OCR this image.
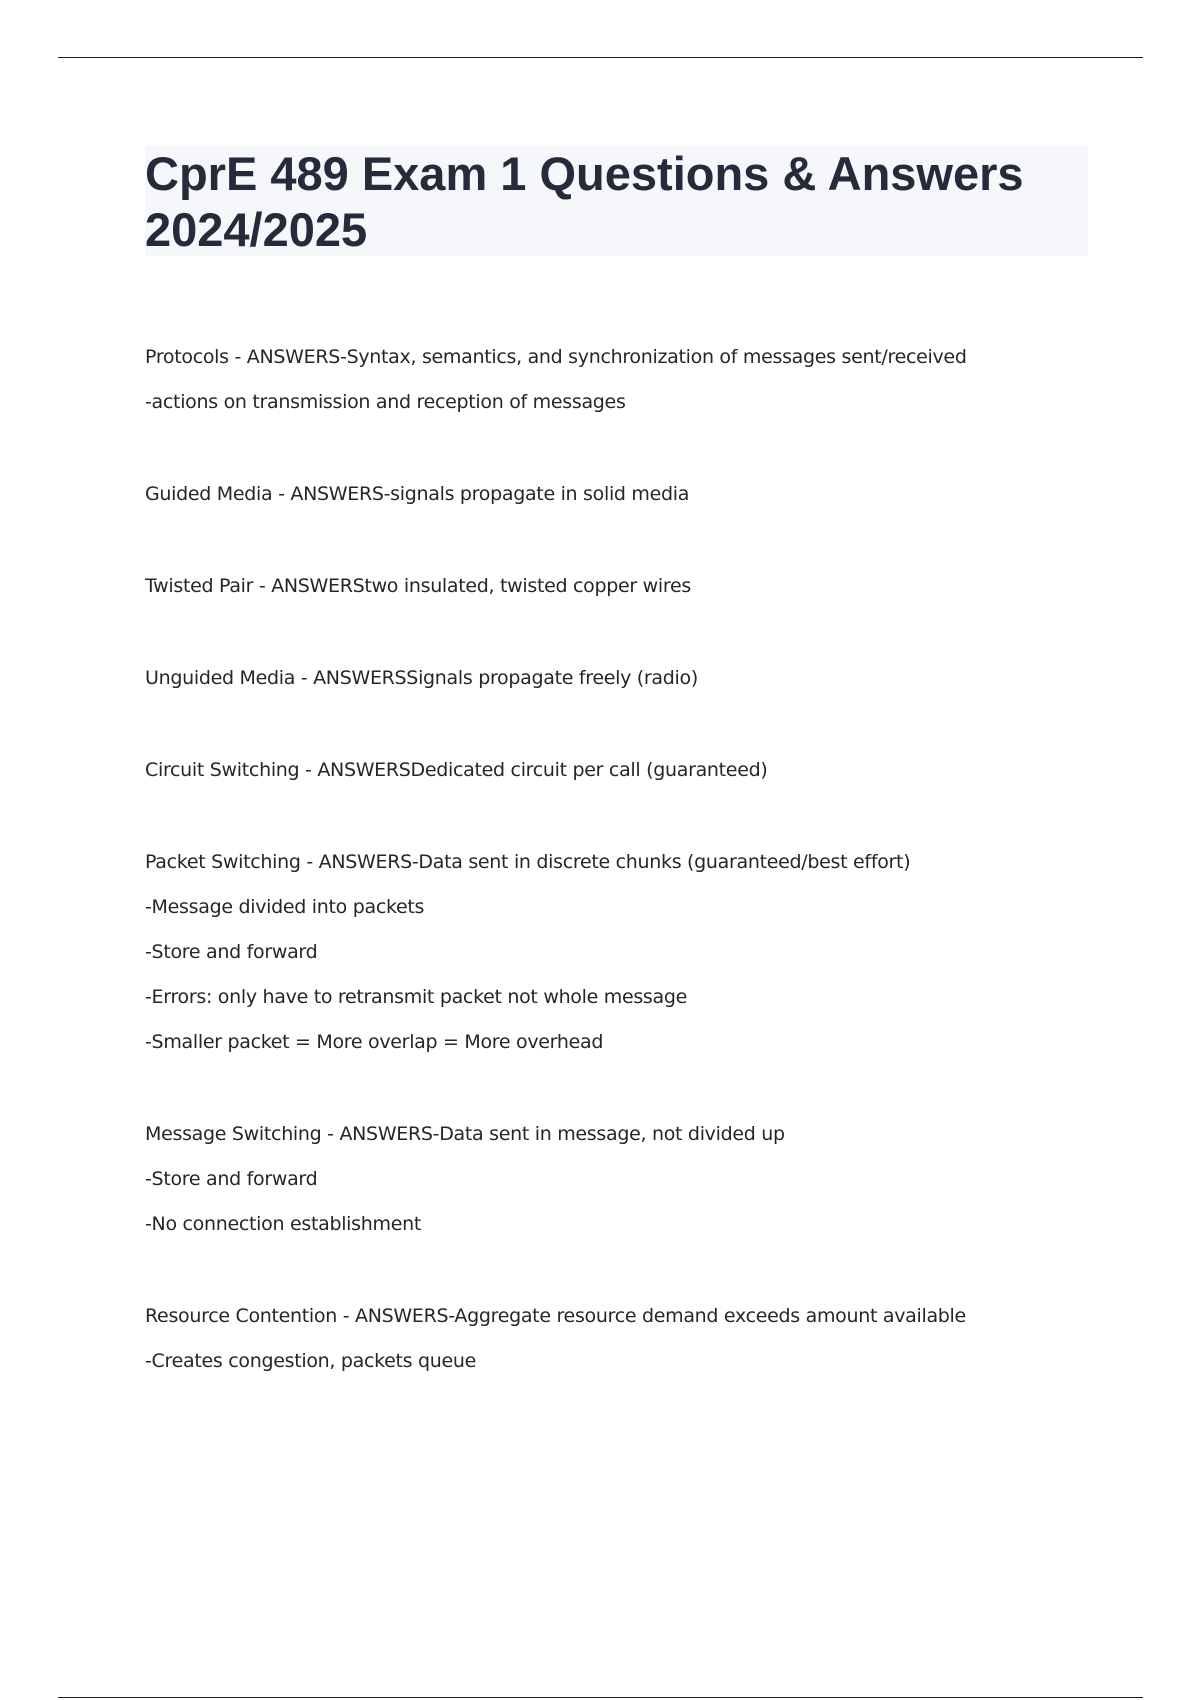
CprE 489 Exam 1 Questions & Answers
2024/2025
Protocols - ANSWERS-Syntax, semantics, and synchronization of messages sent/received
-actions on transmission and reception of messages
Guided Media - ANSWERS-signals propagate in solid media
Twisted Pair - ANSWERStwo insulated, twisted copper wires
Unguided Media - ANSWERSSignals propagate freely (radio)
Circuit Switching - ANSWERSDedicated circuit per call (guaranteed)
Packet Switching - ANSWERS-Data sent in discrete chunks (guaranteed/best effort)
-Message divided into packets
-Store and forward
-Errors: only have to retransmit packet not whole message
-Smaller packet = More overlap = More overhead
Message Switching - ANSWERS-Data sent in message, not divided up
-Store and forward
-No connection establishment
Resource Contention - ANSWERS-Aggregate resource demand exceeds amount available
-Creates congestion, packets queue
